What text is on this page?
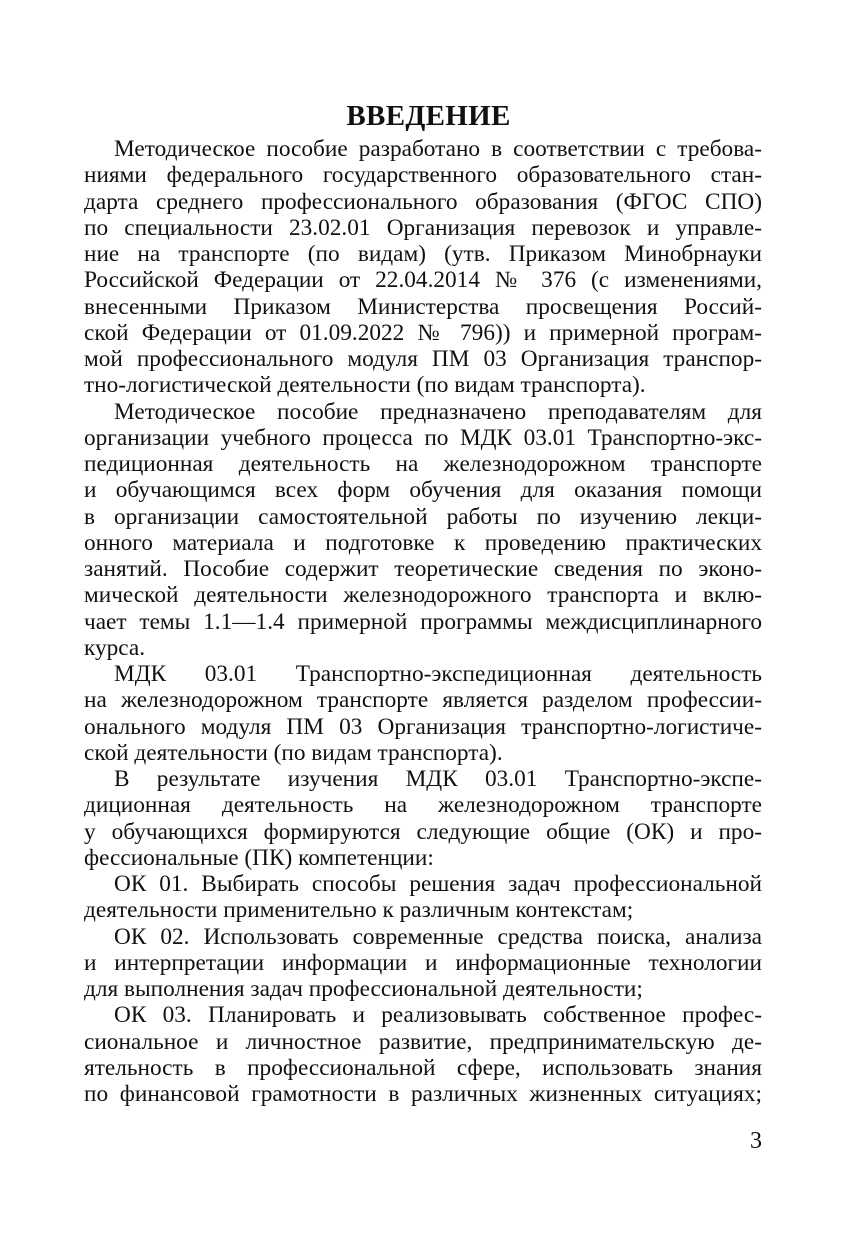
ВВЕДЕНИЕ

Методическое пособие разработано в соответствии с требова-
ниями федерального государственного образовательного стан-
дарта среднего профессионального образования (ФГОС СПО)
по специальности 23.02.01 Организация перевозок и управле-
ние на транспорте (по видам) (утв. Приказом Минобрнауки
Российской Федерации от 22.04.2014 № 376 (с изменениями,
внесенными Приказом Министерства просвещения Россий-
ской Федерации от 01.09.2022 № 796)) и примерной програм-
мой профессионального модуля ПМ 03 Организация транспор-
тно-логистической деятельности (по видам транспорта).

Методическое пособие предназначено преподавателям для
организации учебного процесса по МДК 03.01 Транспортно-экс-
педиционная деятельность на железнодорожном транспорте
и обучающимся всех форм обучения для оказания помощи
в организации самостоятельной работы по изучению лекци-
онного материала и подготовке к проведению практических
занятий. Пособие содержит теоретические сведения по эконо-
мической деятельности железнодорожного транспорта и вклю-
чает темы 1.1—1.4 примерной программы междисциплинарного
курса.

МДК 03.01 Транспортно-экспедиционная деятельность
на железнодорожном транспорте является разделом профессии-
онального модуля ПМ 03 Организация транспортно-логистиче-
ской деятельности (по видам транспорта).

В результате изучения МДК 03.01 Транспортно-экспе-
диционная деятельность на железнодорожном транспорте
у обучающихся формируются следующие общие (ОК) и про-
фессиональные (ПК) компетенции:

ОК 01. Выбирать способы решения задач профессиональной
деятельности применительно к различным контекстам;

ОК 02. Использовать современные средства поиска, анализа
и интерпретации информации и информационные технологии
для выполнения задач профессиональной деятельности;

ОК 03. Планировать и реализовывать собственное профес-
сиональное и личностное развитие, предпринимательскую де-
ятельность в профессиональной сфере, использовать знания
по финансовой грамотности в различных жизненных ситуациях;

3
